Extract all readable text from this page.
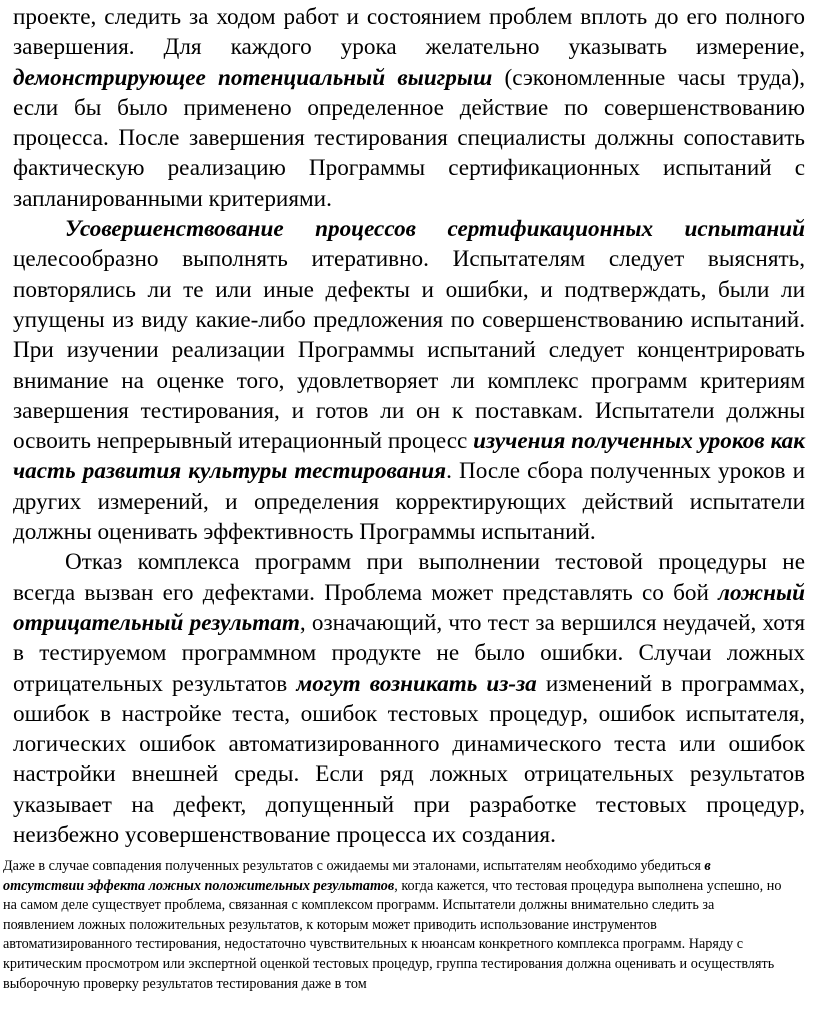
проекте, следить за ходом работ и состоянием проблем вплоть до его полного завершения. Для каждого урока желательно указывать измерение, демонстрирующее потенциальный выигрыш (сэкономленные часы труда), если бы было применено определенное действие по совершенствованию процесса. После завершения тестирования специалисты должны сопоставить фактическую реализацию Программы сертификационных испытаний с запланированными критериями.

Усовершенствование процессов сертификационных испытаний целесообразно выполнять итеративно. Испытателям следует выяснять, повторялись ли те или иные дефекты и ошибки, и подтверждать, были ли упущены из виду какие-либо предложения по совершенствованию испытаний. При изучении реализации Программы испытаний следует концентрировать внимание на оценке того, удовлетворяет ли комплекс программ критериям завершения тестирования, и готов ли он к поставкам. Испытатели должны освоить непрерывный итерационный процесс изучения полученных уроков как часть развития культуры тестирования. После сбора полученных уроков и других измерений, и определения корректирующих действий испытатели должны оценивать эффективность Программы испытаний.

Отказ комплекса программ при выполнении тестовой процедуры не всегда вызван его дефектами. Проблема может представлять со бой ложный отрицательный результат, означающий, что тест за вершился неудачей, хотя в тестируемом программном продукте не было ошибки. Случаи ложных отрицательных результатов могут возникать из-за изменений в программах, ошибок в настройке теста, ошибок тестовых процедур, ошибок испытателя, логических ошибок автоматизированного динамического теста или ошибок настройки внешней среды. Если ряд ложных отрицательных результатов указывает на дефект, допущенный при разработке тестовых процедур, неизбежно усовершенствование процесса их создания.

Даже в случае совпадения полученных результатов с ожидаемы ми эталонами, испытателям необходимо убедиться в отсутствии эффекта ложных положительных результатов, когда кажется, что тестовая процедура выполнена успешно, но на самом деле существует проблема, связанная с комплексом программ. Испытатели должны внимательно следить за появлением ложных положительных результатов, к которым может приводить использование инструментов автоматизированного тестирования, недостаточно чувствительных к нюансам конкретного комплекса программ. Наряду с критическим просмотром или экспертной оценкой тестовых процедур, группа тестирования должна оценивать и осуществлять выборочную проверку результатов тестирования даже в том
